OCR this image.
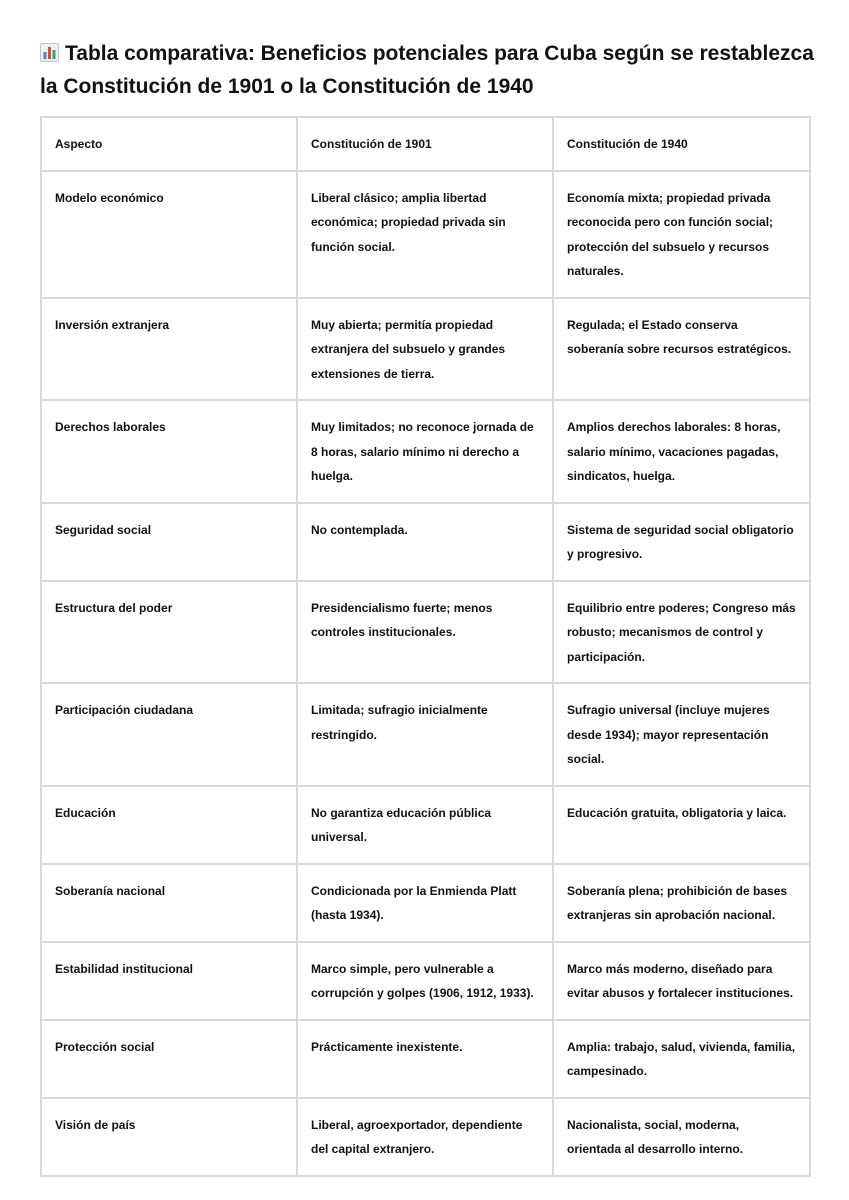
Tabla comparativa: Beneficios potenciales para Cuba según se restablezca la Constitución de 1901 o la Constitución de 1940
Aspecto	Constitución de 1901	Constitución de 1940
Modelo económico	Liberal clásico; amplia libertad económica; propiedad privada sin función social.	Economía mixta; propiedad privada reconocida pero con función social; protección del subsuelo y recursos naturales.
Inversión extranjera	Muy abierta; permitía propiedad extranjera del subsuelo y grandes extensiones de tierra.	Regulada; el Estado conserva soberanía sobre recursos estratégicos.
Derechos laborales	Muy limitados; no reconoce jornada de 8 horas, salario mínimo ni derecho a huelga.	Amplios derechos laborales: 8 horas, salario mínimo, vacaciones pagadas, sindicatos, huelga.
Seguridad social	No contemplada.	Sistema de seguridad social obligatorio y progresivo.
Estructura del poder	Presidencialismo fuerte; menos controles institucionales.	Equilibrio entre poderes; Congreso más robusto; mecanismos de control y participación.
Participación ciudadana	Limitada; sufragio inicialmente restringido.	Sufragio universal (incluye mujeres desde 1934); mayor representación social.
Educación	No garantiza educación pública universal.	Educación gratuita, obligatoria y laica.
Soberanía nacional	Condicionada por la Enmienda Platt (hasta 1934).	Soberanía plena; prohibición de bases extranjeras sin aprobación nacional.
Estabilidad institucional	Marco simple, pero vulnerable a corrupción y golpes (1906, 1912, 1933).	Marco más moderno, diseñado para evitar abusos y fortalecer instituciones.
Protección social	Prácticamente inexistente.	Amplia: trabajo, salud, vivienda, familia, campesinado.
Visión de país	Liberal, agroexportador, dependiente del capital extranjero.	Nacionalista, social, moderna, orientada al desarrollo interno.
